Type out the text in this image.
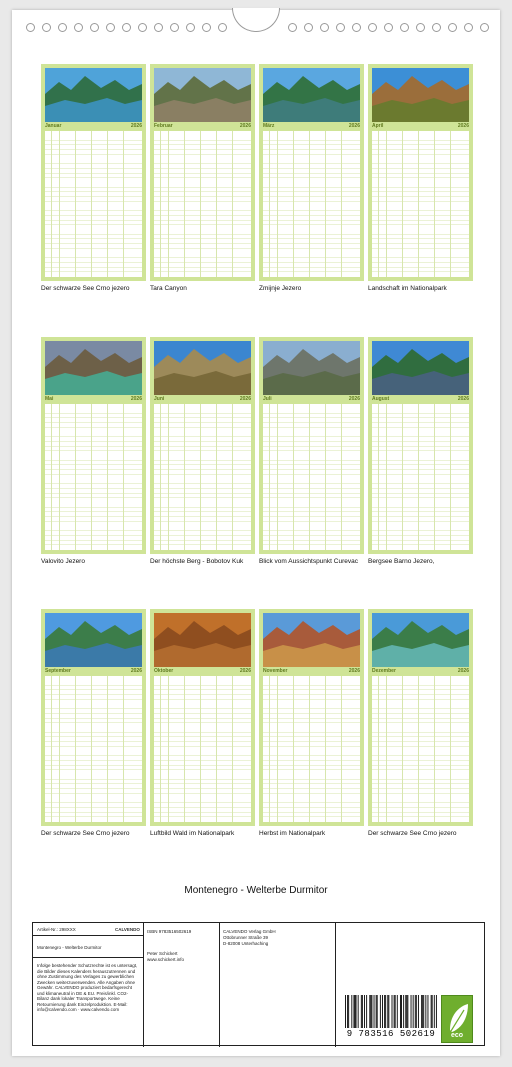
Januar	2026
Der schwarze See Crno jezero
Februar	2026
Tara Canyon
März	2026
Zmijnje Jezero
April	2026
Landschaft im Nationalpark
Mai	2026
Valovito Jezero
Juni	2026
Der höchste Berg - Bobotov Kuk
Juli	2026
Blick vom Aussichtspunkt Curevac
August	2026
Bergsee Barno Jezero,
September	2026
Der schwarze See Crno jezero
Oktober	2026
Luftbild Wald im Nationalpark
November	2026
Herbst im Nationalpark
Dezember	2026
Der schwarze See Crno jezero
Montenegro - Welterbe Durmitor
Artikel-Nr.: 298XXX	CALVENDO
Montenegro - Welterbe Durmitor
Infolge bestehender Schutzrechte ist es untersagt, die Bilder dieses Kalenders herauszutrennen und ohne Zustimmung des Verlages zu gewerblichen Zwecken weiterzuverwenden. Alle Angaben ohne Gewähr. CALVENDO produziert bedarfsgerecht und klimaneutral in DE & EU. Preis/inkl. CO2-Bilanz dank lokaler Transportwege. Keine Retournierung dank Einzelproduktion. E-Mail: info@calvendo.com · www.calvendo.com
ISBN 9783516502619
Peter Schickert
www.schickert.info
CALVENDO Verlag GmbH
Ottobrunner Straße 39
D-82008 Unterhaching
9 783516 502619	eco
